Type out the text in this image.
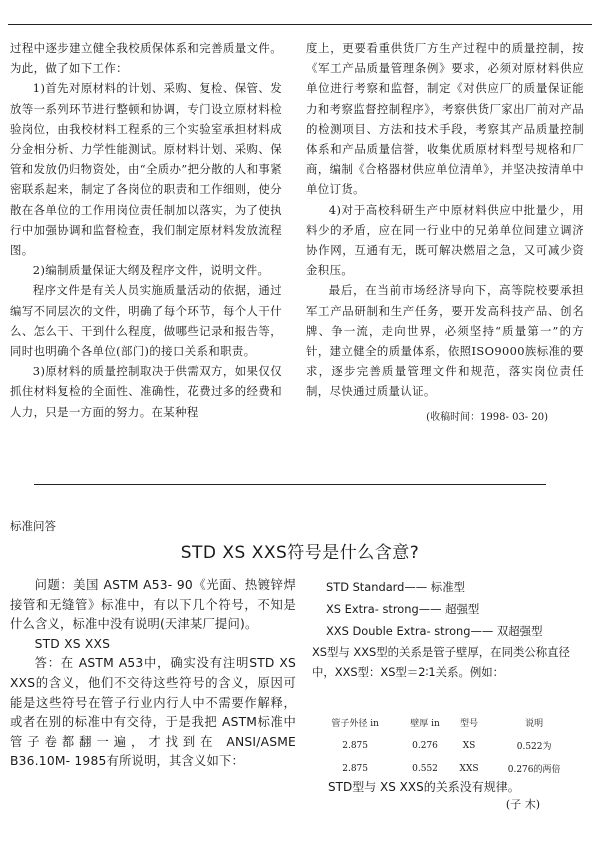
过程中逐步建立健全我校质保体系和完善质量文件。为此，做了如下工作：

1)首先对原材料的计划、采购、复检、保管、发放等一系列环节进行整顿和协调，专门设立原材料检验岗位，由我校材料工程系的三个实验室承担材料成分金相分析、力学性能测试。原材料计划、采购、保管和发放仍归物资处，由“全质办”把分散的人和事紧密联系起来，制定了各岗位的职责和工作细则，使分散在各单位的工作用岗位责任制加以落实，为了使执行中加强协调和监督检查，我们制定原材料发放流程图。

2)编制质量保证大纲及程序文件，说明文件。

程序文件是有关人员实施质量活动的依据，通过编写不同层次的文件，明确了每个环节，每个人干什么、怎么干、干到什么程度，做哪些记录和报告等，同时也明确个各单位(部门)的接口关系和职责。

3)原材料的质量控制取决于供需双方，如果仅仅抓住材料复检的全面性、准确性，花费过多的经费和人力，只是一方面的努力。在某种程

度上，更要看重供货厂方生产过程中的质量控制，按《军工产品质量管理条例》要求，必须对原材料供应单位进行考察和监督，制定《对供应厂的质量保证能力和考察监督控制程序》，考察供货厂家出厂前对产品的检测项目、方法和技术手段，考察其产品质量控制体系和产品质量信誉，收集优质原材料型号规格和厂商，编制《合格器材供应单位清单》，并坚决按清单中单位订货。

4)对于高校科研生产中原材料供应中批量少，用料少的矛盾，应在同一行业中的兄弟单位间建立调济协作网，互通有无，既可解决燃眉之急，又可减少资金积压。

最后，在当前市场经济导向下，高等院校要承担军工产品研制和生产任务，要开发高科技产品、创名牌、争一流，走向世界，必须坚持“质量第一”的方针，建立健全的质量体系，依照ISO9000族标准的要求，逐步完善质量管理文件和规范，落实岗位责任制，尽快通过质量认证。

(收稿时间：1998- 03- 20)
标准问答
STD XS XXS符号是什么含意?

问题：美国 ASTM A53- 90《光面、热镀锌焊接管和无缝管》标准中，有以下几个符号，不知是什么含义，标准中没有说明(天津某厂提问)。

STD XS XXS

答：在 ASTM A53中，确实没有注明STD XS XXS的含义，他们不交待这些符号的含义，原因可能是这些符号在管子行业内行人中不需要作解释，或者在别的标准中有交待，于是我把 ASTM标准中管子卷都翻一遍，才找到在 ANSI/ASME B36.10M- 1985有所说明，其含义如下：

STD Standard—— 标准型
XS Extra- strong—— 超强型
XXS Double Extra- strong—— 双超强型
XS型与 XXS型的关系是管子壁厚，在同类公称直径中，XXS型：XS型＝2∶1关系。例如：
管子外径 in	壁厚 in	型号	说明
2.875	0.276	XS	0.522为
2.875	0.552	XXS	0.276的两倍
STD型与 XS XXS的关系没有规律。
(子 木)
